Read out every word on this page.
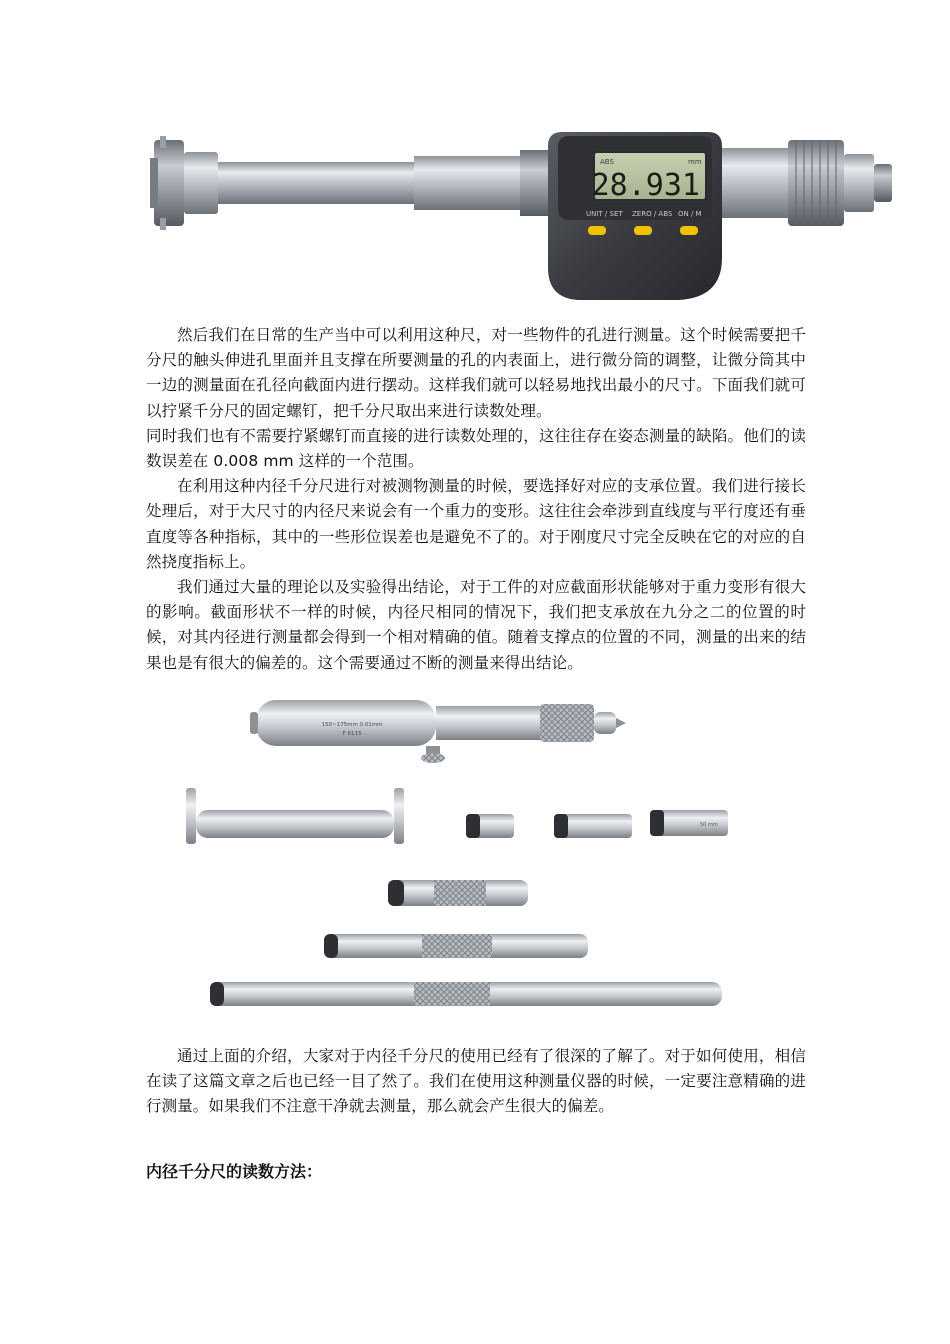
ABS	mm
28.931
UNIT / SET ZERO / ABS ON / M

然后我们在日常的生产当中可以利用这种尺，对一些物件的孔进行测量。这个时候需要把千分尺的触头伸进孔里面并且支撑在所要测量的孔的内表面上，进行微分筒的调整，让微分筒其中一边的测量面在孔径向截面内进行摆动。这样我们就可以轻易地找出最小的尺寸。下面我们就可以拧紧千分尺的固定螺钉，把千分尺取出来进行读数处理。

同时我们也有不需要拧紧螺钉而直接的进行读数处理的，这往往存在姿态测量的缺陷。他们的读数误差在 0.008 mm 这样的一个范围。

在利用这种内径千分尺进行对被测物测量的时候，要选择好对应的支承位置。我们进行接长处理后，对于大尺寸的内径尺来说会有一个重力的变形。这往往会牵涉到直线度与平行度还有垂直度等各种指标，其中的一些形位误差也是避免不了的。对于刚度尺寸完全反映在它的对应的自然挠度指标上。

我们通过大量的理论以及实验得出结论，对于工件的对应截面形状能够对于重力变形有很大的影响。截面形状不一样的时候，内径尺相同的情况下，我们把支承放在九分之二的位置的时候，对其内径进行测量都会得到一个相对精确的值。随着支撑点的位置的不同，测量的出来的结果也是有很大的偏差的。这个需要通过不断的测量来得出结论。

150~175mm 0.01mm
F 6115
50 mm

通过上面的介绍，大家对于内径千分尺的使用已经有了很深的了解了。对于如何使用，相信在读了这篇文章之后也已经一目了然了。我们在使用这种测量仪器的时候，一定要注意精确的进行测量。如果我们不注意干净就去测量，那么就会产生很大的偏差。

内径千分尺的读数方法：
